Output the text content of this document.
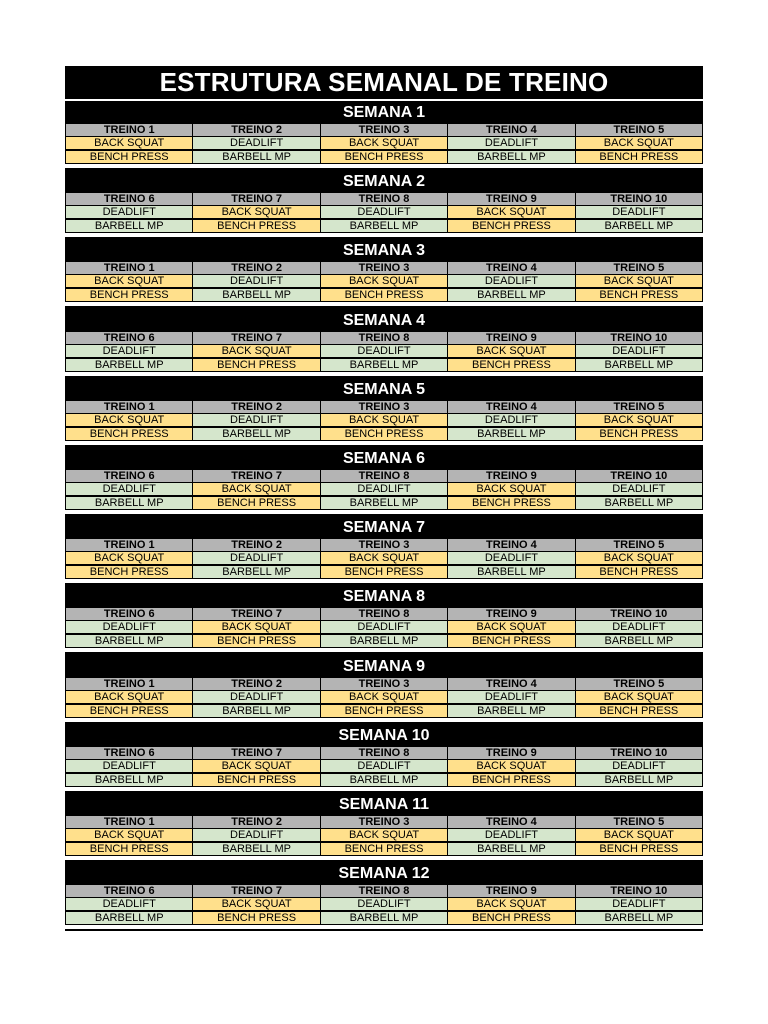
ESTRUTURA SEMANAL DE TREINO
SEMANA 1
TREINO 1	TREINO 2	TREINO 3	TREINO 4	TREINO 5
BACK SQUAT	DEADLIFT	BACK SQUAT	DEADLIFT	BACK SQUAT
BENCH PRESS	BARBELL MP	BENCH PRESS	BARBELL MP	BENCH PRESS
SEMANA 2
TREINO 6	TREINO 7	TREINO 8	TREINO 9	TREINO 10
DEADLIFT	BACK SQUAT	DEADLIFT	BACK SQUAT	DEADLIFT
BARBELL MP	BENCH PRESS	BARBELL MP	BENCH PRESS	BARBELL MP
SEMANA 3
TREINO 1	TREINO 2	TREINO 3	TREINO 4	TREINO 5
BACK SQUAT	DEADLIFT	BACK SQUAT	DEADLIFT	BACK SQUAT
BENCH PRESS	BARBELL MP	BENCH PRESS	BARBELL MP	BENCH PRESS
SEMANA 4
TREINO 6	TREINO 7	TREINO 8	TREINO 9	TREINO 10
DEADLIFT	BACK SQUAT	DEADLIFT	BACK SQUAT	DEADLIFT
BARBELL MP	BENCH PRESS	BARBELL MP	BENCH PRESS	BARBELL MP
SEMANA 5
TREINO 1	TREINO 2	TREINO 3	TREINO 4	TREINO 5
BACK SQUAT	DEADLIFT	BACK SQUAT	DEADLIFT	BACK SQUAT
BENCH PRESS	BARBELL MP	BENCH PRESS	BARBELL MP	BENCH PRESS
SEMANA 6
TREINO 6	TREINO 7	TREINO 8	TREINO 9	TREINO 10
DEADLIFT	BACK SQUAT	DEADLIFT	BACK SQUAT	DEADLIFT
BARBELL MP	BENCH PRESS	BARBELL MP	BENCH PRESS	BARBELL MP
SEMANA 7
TREINO 1	TREINO 2	TREINO 3	TREINO 4	TREINO 5
BACK SQUAT	DEADLIFT	BACK SQUAT	DEADLIFT	BACK SQUAT
BENCH PRESS	BARBELL MP	BENCH PRESS	BARBELL MP	BENCH PRESS
SEMANA 8
TREINO 6	TREINO 7	TREINO 8	TREINO 9	TREINO 10
DEADLIFT	BACK SQUAT	DEADLIFT	BACK SQUAT	DEADLIFT
BARBELL MP	BENCH PRESS	BARBELL MP	BENCH PRESS	BARBELL MP
SEMANA 9
TREINO 1	TREINO 2	TREINO 3	TREINO 4	TREINO 5
BACK SQUAT	DEADLIFT	BACK SQUAT	DEADLIFT	BACK SQUAT
BENCH PRESS	BARBELL MP	BENCH PRESS	BARBELL MP	BENCH PRESS
SEMANA 10
TREINO 6	TREINO 7	TREINO 8	TREINO 9	TREINO 10
DEADLIFT	BACK SQUAT	DEADLIFT	BACK SQUAT	DEADLIFT
BARBELL MP	BENCH PRESS	BARBELL MP	BENCH PRESS	BARBELL MP
SEMANA 11
TREINO 1	TREINO 2	TREINO 3	TREINO 4	TREINO 5
BACK SQUAT	DEADLIFT	BACK SQUAT	DEADLIFT	BACK SQUAT
BENCH PRESS	BARBELL MP	BENCH PRESS	BARBELL MP	BENCH PRESS
SEMANA 12
TREINO 6	TREINO 7	TREINO 8	TREINO 9	TREINO 10
DEADLIFT	BACK SQUAT	DEADLIFT	BACK SQUAT	DEADLIFT
BARBELL MP	BENCH PRESS	BARBELL MP	BENCH PRESS	BARBELL MP
